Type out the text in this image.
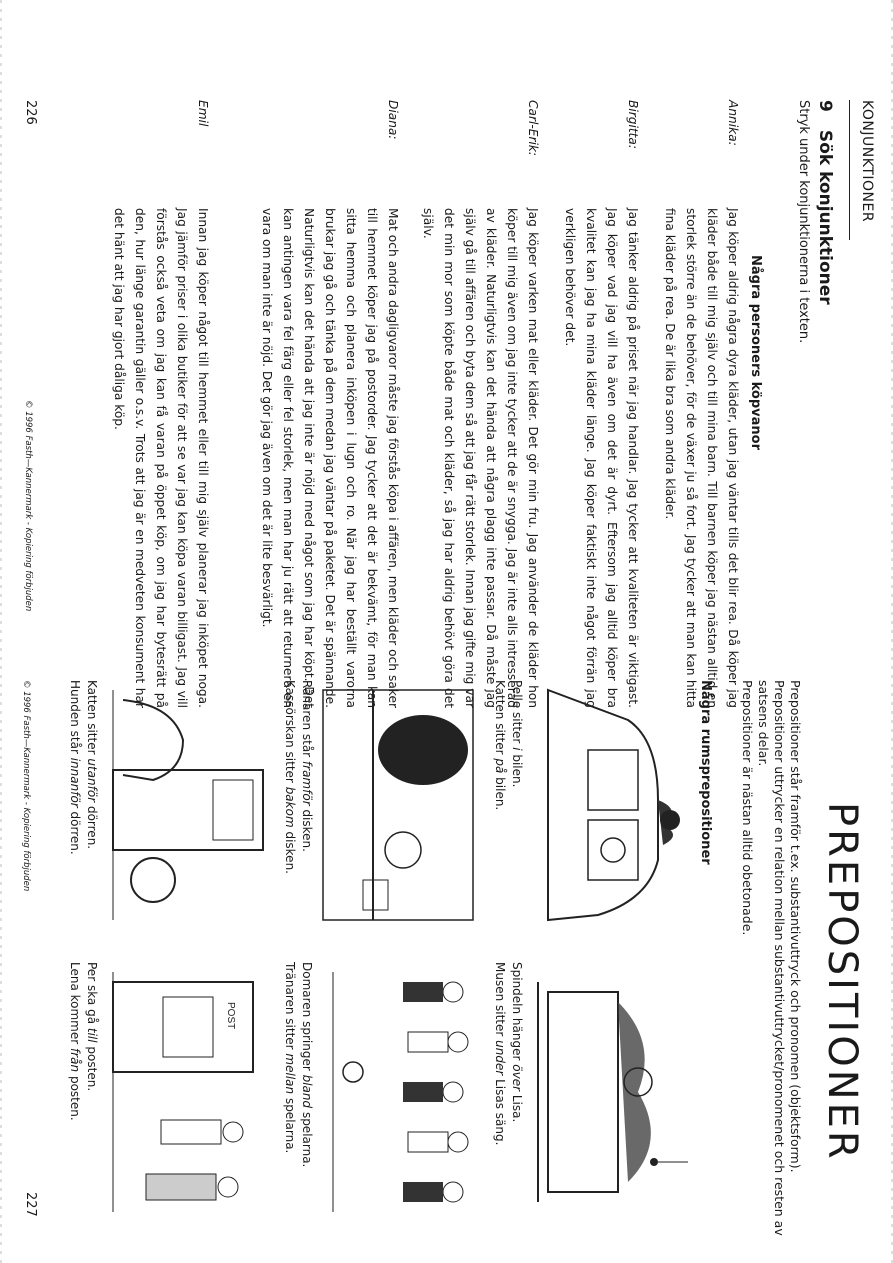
KONJUNKTIONER
9 Sök konjunktioner
Stryk under konjunktionerna i texten.
Några personers köpvanor
Annika:

Jag köper aldrig några dyra kläder, utan jag väntar tills det blir rea. Då köper jag kläder både till mig själv och till mina barn. Till barnen köper jag nästan alltid en storlek större än de behöver, för de växer ju så fort. Jag tycker att man kan hitta fina kläder på rea. De är lika bra som andra kläder.

Birgitta:

Jag tänker aldrig på priset när jag handlar. Jag tycker att kvaliteten är viktigast. Jag köper vad jag vill ha även om det är dyrt. Eftersom jag alltid köper bra kvalitet kan jag ha mina kläder länge. Jag köper faktiskt inte något förrän jag verkligen behöver det.

Carl-Erik:

Jag köper varken mat eller kläder. Det gör min fru. Jag använder de kläder hon köper till mig även om jag inte tycker att de är snygga. Jag är inte alls intresserad av kläder. Naturligtvis kan det hända att några plagg inte passar. Då måste jag själv gå till affären och byta dem så att jag får rätt storlek. Innan jag gifte mig var det min mor som köpte både mat och kläder, så jag har aldrig behövt göra det själv.

Diana:

Mat och andra dagligvaror måste jag förstås köpa i affären, men kläder och saker till hemmet köper jag på postorder. Jag tycker att det är bekvämt, för man kan sitta hemma och planera inköpen i lugn och ro. När jag har beställt varorna brukar jag gå och tänka på dem medan jag väntar på paketet. Det är spännande. Naturligtvis kan det hända att jag inte är nöjd med något som jag har köpt. Det kan antingen vara fel färg eller fel storlek, men man har ju rätt att returnera en vara om man inte är nöjd. Det gör jag även om det är lite besvärligt.

Emil

Innan jag köper något till hemmet eller till mig själv planerar jag inköpet noga. Jag jämför priser i olika butiker för att se var jag kan köpa varan billigast. Jag vill förstås också veta om jag kan få varan på öppet köp, om jag har bytesrätt på den, hur länge garantin gäller o.s.v. Trots att jag är en medveten konsument har det hänt att jag har gjort dåliga köp.

226
© 1996 Fasth—Kannermark - Kopiering förbjuden
PREPOSITIONER

Prepositioner står framför t.ex. substantivuttryck och pronomen (objektsform).

Prepositioner uttrycker en relation mellan substantivuttrycket/pronomenet och resten av satsens delar.

Prepositioner är nästan alltid obetonade.

Några rumsprepositioner
Pelle sitter i bilen.
Katten sitter på bilen.
Spindeln hänger över Lisa.
Musen sitter under Lisas säng.
Rånaren står framför disken.
Kassörskan sitter bakom disken.
Domaren springer bland spelarna.
Tränaren sitter mellan spelarna.
Katten sitter utanför dörren.
Hunden står innanför dörren.
POST
Per ska gå till posten.
Lena kommer från posten.
© 1996 Fasth—Kannermark - Kopiering förbjuden
227
